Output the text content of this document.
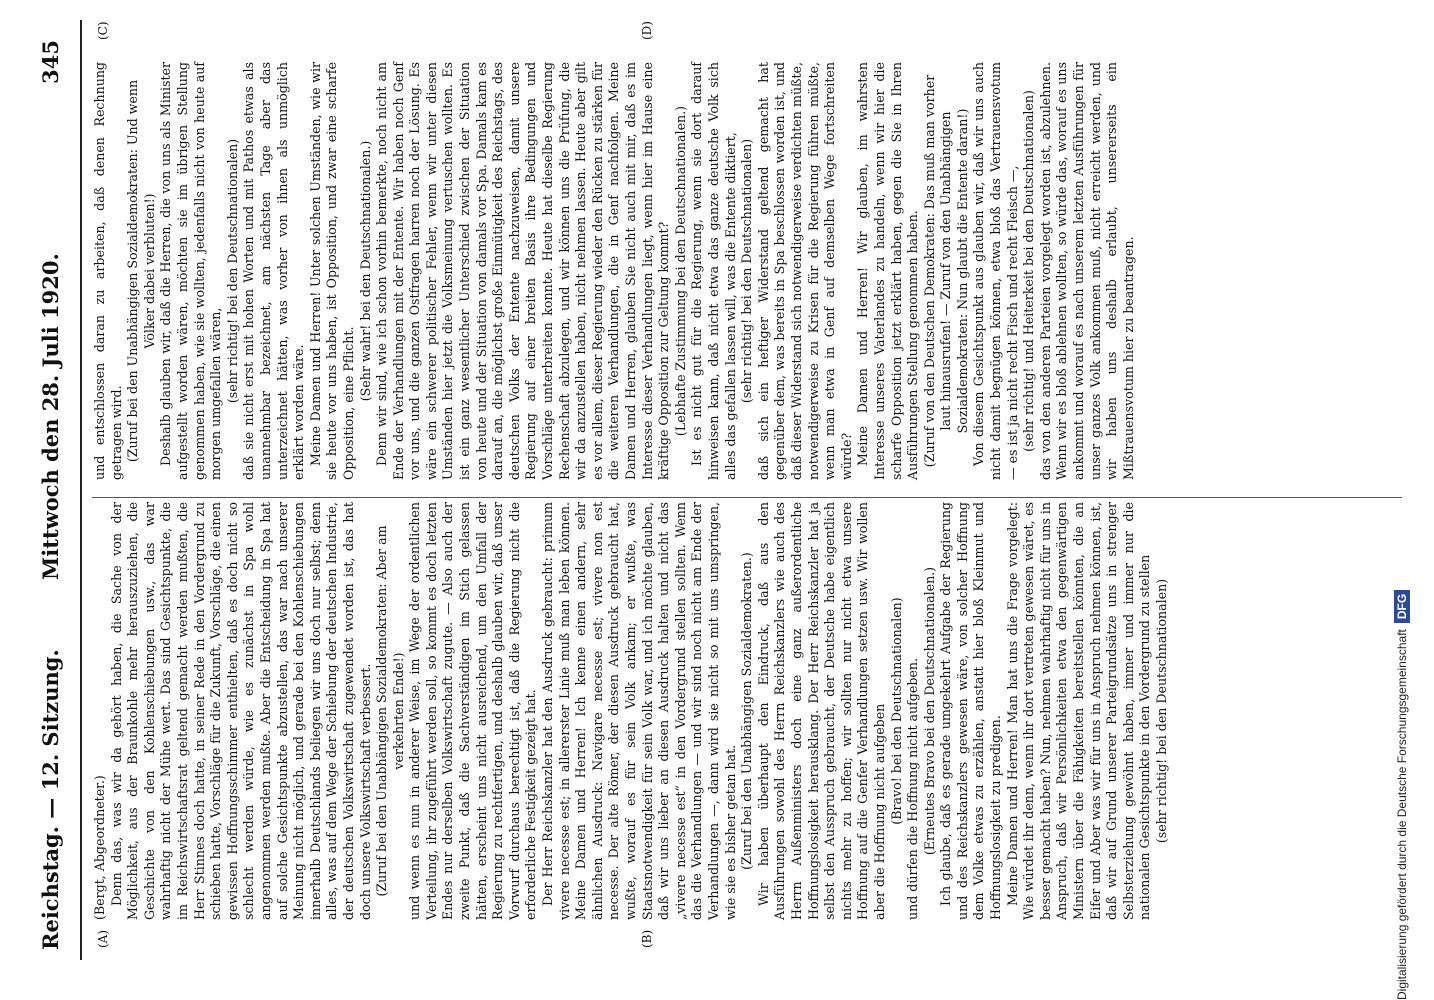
Reichstag. — 12. Sitzung.
Mittwoch den 28. Juli 1920.
345
(A)	(B)
(C)	(D)

(Bergt, Abgeordneter.) Denn das, was wir da gehört haben, die Sache von der Möglichkeit, aus der Braunkohle mehr herauszuziehen, die Geschichte von den Kohlenschiebungen usw., das war wahrhaftig nicht der Mühe wert. Das sind Gesichtspunkte, die im Reichswirtschaftsrat geltend gemacht werden mußten, die Herr Stinnes doch hatte, in seiner Rede in den Vordergrund zu schieben hatte, Vorschläge für die Zukunft, Vorschläge, die einen gewissen Hoffnungsschimmer enthielten, daß es doch nicht so schlecht werden würde, wie es zunächst in Spa wohl angenommen werden mußte. Aber die Entscheidung in Spa hat auf solche Gesichtspunkte abzustellen, das war nach unserer Meinung nicht möglich, und gerade bei den Kohlenschiebungen innerhalb Deutschlands beliegen wir uns doch nur selbst; denn alles, was auf dem Wege der Schiebung der deutschen Industrie, der deutschen Volkswirtschaft zugewendet worden ist, das hat doch unsere Volkswirtschaft verbessert. (Zuruf bei den Unabhängigen Sozialdemokraten: Aber am verkehrten Ende!) und wenn es nun in anderer Weise, im Wege der ordentlichen Verteilung, ihr zugeführt werden soll, so kommt es doch letzten Endes nur derselben Volkswirtschaft zugute. — Also auch der zweite Punkt, daß die Sachverständigen im Stich gelassen hätten, erscheint uns nicht ausreichend, um den Umfall der Regierung zu rechtfertigen, und deshalb glauben wir, daß unser Vorwurf durchaus berechtigt ist, daß die Regierung nicht die erforderliche Festigkeit gezeigt hat. Der Herr Reichskanzler hat den Ausdruck gebraucht: primum vivere necesse est; in allererster Linie muß man leben können. Meine Damen und Herren! Ich kenne einen andern, sehr ähnlichen Ausdruck: Navigare necesse est; vivere non est necesse. Der alte Römer, der diesen Ausdruck gebraucht hat, wußte, worauf es für sein Volk ankam; er wußte, was Staatsnotwendigkeit für sein Volk war, und ich möchte glauben, daß wir uns lieber an diesen Ausdruck halten und nicht das „vivere necesse est“ in den Vordergrund stellen sollten. Wenn das die Verhandlungen — und wir sind noch nicht am Ende der Verhandlungen —, dann wird sie nicht so mit uns umspringen, wie sie es bisher getan hat. (Zuruf bei den Unabhängigen Sozialdemokraten.) Wir haben überhaupt den Eindruck, daß aus den Ausführungen sowohl des Herrn Reichskanzlers wie auch des Herrn Außenministers doch eine ganz außerordentliche Hoffnungslosigkeit herausklang. Der Herr Reichskanzler hat ja selbst den Ausspruch gebraucht, der Deutsche habe eigentlich nichts mehr zu hoffen; wir sollten nur nicht etwa unsere Hoffnung auf die Genfer Verhandlungen setzen usw. Wir wollen aber die Hoffnung nicht aufgeben (Bravo! bei den Deutschnationalen) und dürfen die Hoffnung nicht aufgeben. (Erneutes Bravo bei den Deutschnationalen.) Ich glaube, daß es gerade umgekehrt Aufgabe der Regierung und des Reichskanzlers gewesen wäre, von solcher Hoffnung dem Volke etwas zu erzählen, anstatt hier bloß Kleinmut und Hoffnungslosigkeit zu predigen. Meine Damen und Herren! Man hat uns die Frage vorgelegt: Wie würdet ihr denn, wenn ihr dort vertreten gewesen wäret, es besser gemacht haben? Nun, nehmen wahrhaftig nicht für uns in Anspruch, daß wir Persönlichkeiten etwa den gegenwärtigen Ministern über die Fähigkeiten bereitstellen könnten, die an Eifer und Aber was wir für uns in Anspruch nehmen können, ist, daß wir auf Grund unserer Parteigrundsätze uns in strenger Selbsterziehung gewöhnt haben, immer und immer nur die nationalen Gesichtspunkte in den Vordergrund zu stellen (sehr richtig! bei den Deutschnationalen)

und entschlossen daran zu arbeiten, daß denen Rechnung getragen wird. (Zuruf bei den Unabhängigen Sozialdemokraten: Und wenn Völker dabei verbluten!) Deshalb glauben wir, daß die Herren, die von uns als Minister aufgestellt worden wären, möchten sie im übrigen Stellung genommen haben, wie sie wollten, jedenfalls nicht von heute auf morgen umgefallen wären, (sehr richtig! bei den Deutschnationalen) daß sie nicht erst mit hohen Worten und mit Pathos etwas als unannehmbar bezeichnet, am nächsten Tage aber das unterzeichnet hätten, was vorher von ihnen als unmöglich erklärt worden wäre. Meine Damen und Herren! Unter solchen Umständen, wie wir sie heute vor uns haben, ist Opposition, und zwar eine scharfe Opposition, eine Pflicht.

(Sehr wahr! bei den Deutschnationalen.) Denn wir sind, wie ich schon vorhin bemerkte, noch nicht am Ende der Verhandlungen mit der Entente. Wir haben noch Genf vor uns, und die ganzen Ostfragen harren noch der Lösung. Es wäre ein schwerer politischer Fehler, wenn wir unter diesen Umständen hier jetzt die Volksmeinung vertuschen wollten. Es ist ein ganz wesentlicher Unterschied zwischen der Situation von heute und der Situation von damals vor Spa. Damals kam es darauf an, die möglichst große Einmütigkeit des Reichstags, des deutschen Volks der Entente nachzuweisen, damit unsere Regierung auf einer breiten Basis ihre Bedingungen und Vorschläge unterbreiten konnte. Heute hat dieselbe Regierung Rechenschaft abzulegen, und wir können uns die Prüfung, die wir da anzustellen haben, nicht nehmen lassen. Heute aber gilt es vor allem, dieser Regierung wieder den Rücken zu stärken für die weiteren Verhandlungen, die in Genf nachfolgen. Meine Damen und Herren, glauben Sie nicht auch mit mir, daß es im Interesse dieser Verhandlungen liegt, wenn hier im Hause eine kräftige Opposition zur Geltung kommt? (Lebhafte Zustimmung bei den Deutschnationalen.) Ist es nicht gut für die Regierung, wenn sie dort darauf hinweisen kann, daß nicht etwa das ganze deutsche Volk sich alles das gefallen lassen will, was die Entente diktiert, (sehr richtig! bei den Deutschnationalen) daß sich ein heftiger Widerstand geltend gemacht hat gegenüber dem, was bereits in Spa beschlossen worden ist, und daß dieser Widerstand sich notwendigerweise verdichten müßte, notwendigerweise zu Krisen für die Regierung führen müßte, wenn man etwa in Genf auf demselben Wege fortschreiten würde? Meine Damen und Herren! Wir glauben, im wahrsten Interesse unseres Vaterlandes zu handeln, wenn wir hier die scharfe Opposition jetzt erklärt haben, gegen die Sie in Ihren Ausführungen Stellung genommen haben. (Zuruf von den Deutschen Demokraten: Das muß man vorher laut hinausrufen! — Zuruf von den Unabhängigen Sozialdemokraten: Nun glaubt die Entente daran!) Von diesem Gesichtspunkt aus glauben wir, daß wir uns auch nicht damit begnügen können, etwa bloß das Vertrauensvotum — es ist ja nicht recht Fisch und recht Fleisch —, (sehr richtig! und Heiterkeit bei den Deutschnationalen) das von den anderen Parteien vorgelegt worden ist, abzulehnen. Wenn wir es bloß ablehnen wollten, so würde das, worauf es uns ankommt und worauf es nach unserem letzten Ausführungen für unser ganzes Volk ankommen muß, nicht erreicht werden, und wir haben uns deshalb erlaubt, unsererseits ein Mißtrauensvotum hier zu beantragen.

Digitalisierung gefördert durch die Deutsche ForschungsgemeinschaftDFG
